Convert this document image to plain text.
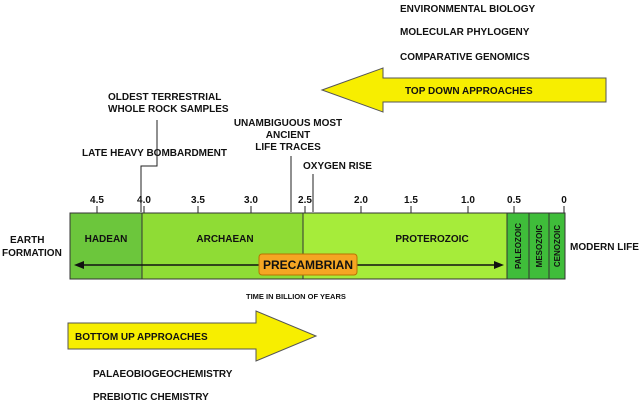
ENVIRONMENTAL BIOLOGY
MOLECULAR PHYLOGENY
COMPARATIVE GENOMICS
TOP DOWN APPROACHES
OLDEST TERRESTRIAL
WHOLE ROCK SAMPLES
LATE HEAVY BOMBARDMENT
UNAMBIGUOUS MOST
ANCIENT
LIFE TRACES
OXYGEN RISE
4.5	4.0	3.5	3.0	2.5	2.0	1.5	1.0	0.5	0
HADEAN	ARCHAEAN	PROTEROZOIC	PALEOZOIC MESOZOIC CENOZOIC
PRECAMBRIAN
EARTH
FORMATION
MODERN LIFE
TIME IN BILLION OF YEARS
BOTTOM UP APPROACHES
PALAEOBIOGEOCHEMISTRY
PREBIOTIC CHEMISTRY
